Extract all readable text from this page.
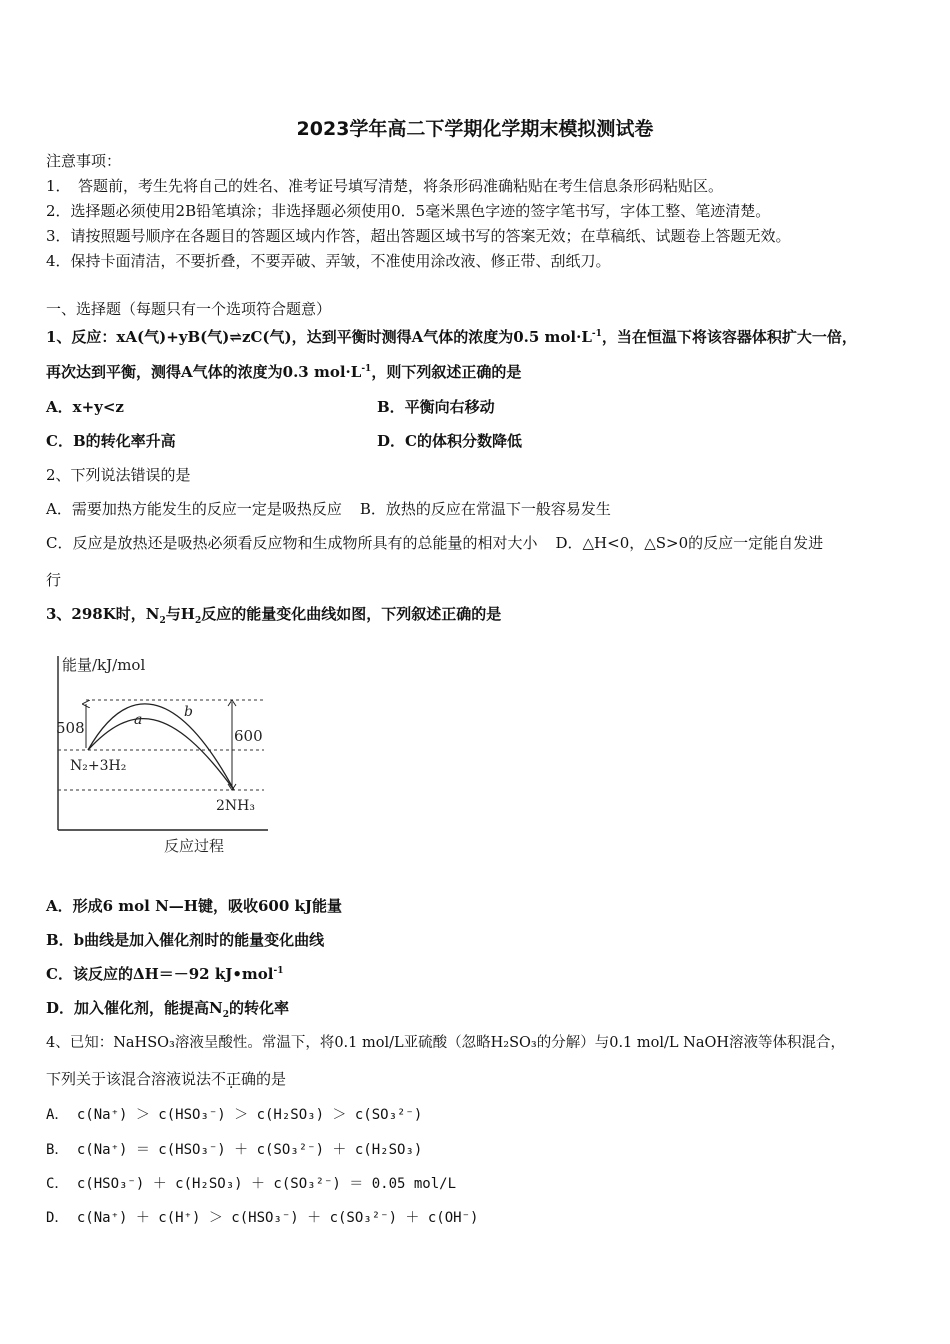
2023学年高二下学期化学期末模拟测试卷
注意事项：
1．　答题前，考生先将自己的姓名、准考证号填写清楚，将条形码准确粘贴在考生信息条形码粘贴区。
2．选择题必须使用2B铅笔填涂；非选择题必须使用0．5毫米黑色字迹的签字笔书写，字体工整、笔迹清楚。
3．请按照题号顺序在各题目的答题区域内作答，超出答题区域书写的答案无效；在草稿纸、试题卷上答题无效。
4．保持卡面清洁，不要折叠，不要弄破、弄皱，不准使用涂改液、修正带、刮纸刀。
一、选择题（每题只有一个选项符合题意）
1、反应：xA(气)+yB(气)⇌zC(气)，达到平衡时测得A气体的浓度为0.5 $mol\cdot L^{-1}$，当在恒温下将该容器体积扩大一倍，
再次达到平衡，测得A气体的浓度为0.3 $mol\cdot L^{-1}$，则下列叙述正确的是
A．x+y<z	B．平衡向右移动
C．B的转化率升高	D．C的体积分数降低
2、下列说法错误的是
A．需要加热方能发生的反应一定是吸热反应 B．放热的反应在常温下一般容易发生
C．反应是放热还是吸热必须看反应物和生成物所具有的总能量的相对大小 D．△H<0，△S>0的反应一定能自发进
行
3、298K时，$N_2$与$H_2$反应的能量变化曲线如图，下列叙述正确的是
能量/kJ/mol
508	600
N₂+3H₂
2NH₃
a	b
反应过程
A．形成6 mol N—H键，吸收600 kJ能量
B．b曲线是加入催化剂时的能量变化曲线
C．该反应的ΔH＝－92 kJ•mol$^{-1}$
D．加入催化剂，能提高$N_2$的转化率
4、已知：NaHSO₃溶液呈酸性。常温下，将0.1 mol/L亚硫酸（忽略H₂SO₃的分解）与0.1 mol/L NaOH溶液等体积混合，
下列关于该混合溶液说法不正确的是
A． c(Na⁺) ＞ c(HSO₃⁻) ＞ c(H₂SO₃) ＞ c(SO₃²⁻)
B． c(Na⁺) ＝ c(HSO₃⁻) ＋ c(SO₃²⁻) ＋ c(H₂SO₃)
C． c(HSO₃⁻) ＋ c(H₂SO₃) ＋ c(SO₃²⁻) ＝ 0.05 mol/L
D． c(Na⁺) ＋ c(H⁺) ＞ c(HSO₃⁻) ＋ c(SO₃²⁻) ＋ c(OH⁻)
